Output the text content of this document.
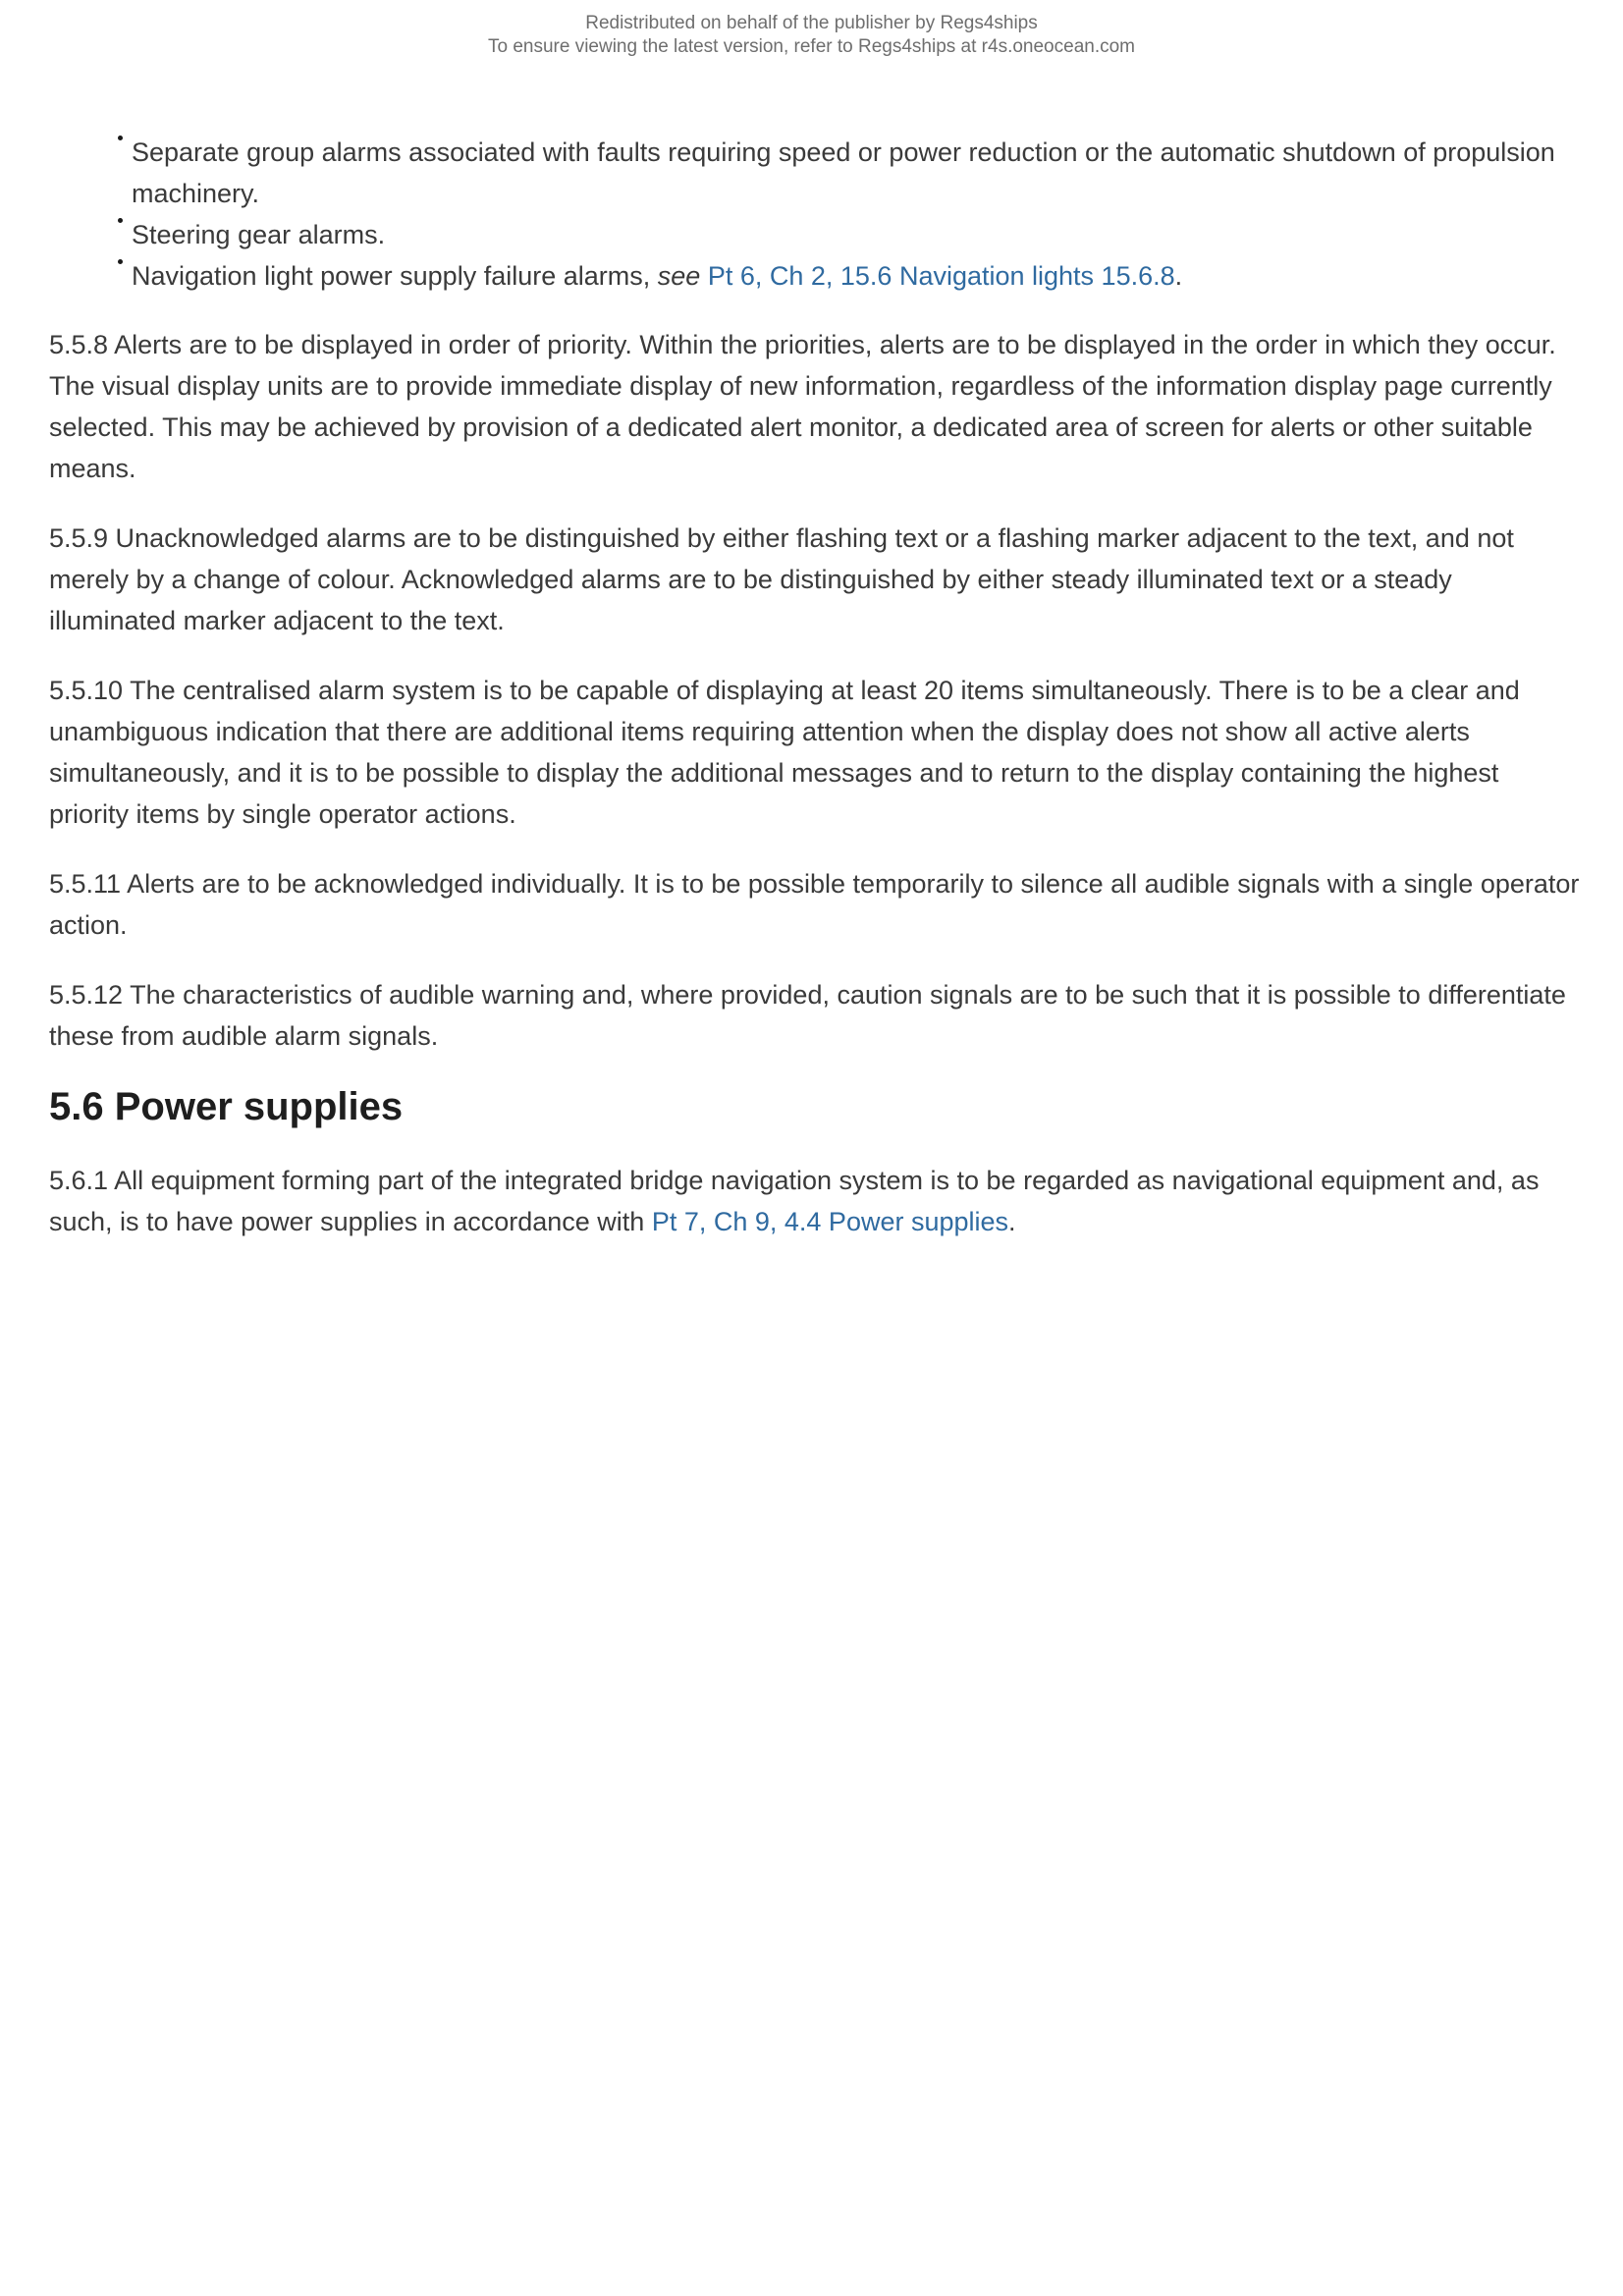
Redistributed on behalf of the publisher by Regs4ships
To ensure viewing the latest version, refer to Regs4ships at r4s.oneocean.com
Separate group alarms associated with faults requiring speed or power reduction or the automatic shutdown of propulsion machinery.
Steering gear alarms.
Navigation light power supply failure alarms, see Pt 6, Ch 2, 15.6 Navigation lights 15.6.8.

5.5.8 Alerts are to be displayed in order of priority. Within the priorities, alerts are to be displayed in the order in which they occur. The visual display units are to provide immediate display of new information, regardless of the information display page currently selected. This may be achieved by provision of a dedicated alert monitor, a dedicated area of screen for alerts or other suitable means.

5.5.9 Unacknowledged alarms are to be distinguished by either flashing text or a flashing marker adjacent to the text, and not merely by a change of colour. Acknowledged alarms are to be distinguished by either steady illuminated text or a steady illuminated marker adjacent to the text.

5.5.10 The centralised alarm system is to be capable of displaying at least 20 items simultaneously. There is to be a clear and unambiguous indication that there are additional items requiring attention when the display does not show all active alerts simultaneously, and it is to be possible to display the additional messages and to return to the display containing the highest priority items by single operator actions.

5.5.11 Alerts are to be acknowledged individually. It is to be possible temporarily to silence all audible signals with a single operator action.

5.5.12 The characteristics of audible warning and, where provided, caution signals are to be such that it is possible to differentiate these from audible alarm signals.

5.6 Power supplies

5.6.1 All equipment forming part of the integrated bridge navigation system is to be regarded as navigational equipment and, as such, is to have power supplies in accordance with Pt 7, Ch 9, 4.4 Power supplies.
